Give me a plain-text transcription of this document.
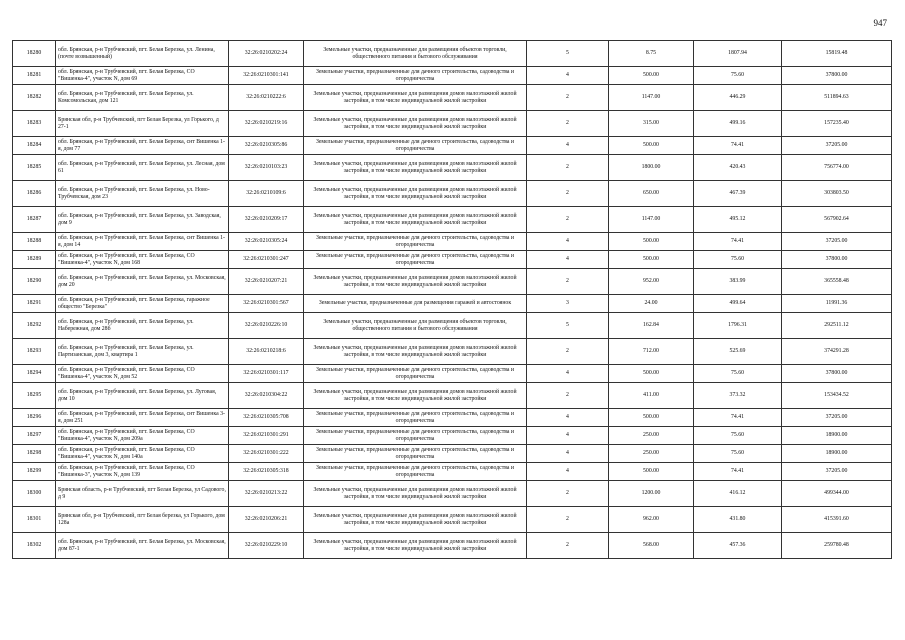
947
18280	обл. Брянская, р-н Трубчевский, пгт. Белая Березка, ул. Ленина, (почте возвышенный)	32:26:0210202:24	Земельные участки, предназначенные для размещения объектов торговли, общественного питания и бытового обслуживания	5	8.75	1807.94	15819.48
18281	обл. Брянская, р-н Трубчевский, пгт. Белая Березка, СО "Вишенка-4", участок N, дом 69	32:26:0210301:141	Земельные участки, предназначенные для дачного строительства, садоводства и огородничества	4	500.00	75.60	37800.00
18282	обл. Брянская, р-н Трубчевский, пгт. Белая Березка, ул. Комсомольская, дом 121	32:26:0210222:6	Земельные участки, предназначенные для размещения домов малоэтажной жилой застройки, в том числе индивидуальной жилой застройки	2	1147.00	446.29	511894.63
18283	Брянская обл, р-н Трубчевский, пгт Белая Березка, ул Горького, д 27-1	32:26:0210219:16	Земельные участки, предназначенные для размещения домов малоэтажной жилой застройки, в том числе индивидуальной жилой застройки	2	315.00	499.16	157235.40
18284	обл. Брянская, р-н Трубчевский, пгт. Белая Березка, снт Вишенка 1-я, дом 77	32:26:0210305:86	Земельные участки, предназначенные для дачного строительства, садоводства и огородничества	4	500.00	74.41	37205.00
18285	обл. Брянская, р-н Трубчевский, пгт. Белая Березка, ул. Лесная, дом 61	32:26:0210103:23	Земельные участки, предназначенные для размещения домов малоэтажной жилой застройки, в том числе индивидуальной жилой застройки	2	1800.00	420.43	756774.00
18286	обл. Брянская, р-н Трубчевский, пгт. Белая Березка, ул. Ново-Трубчевская, дом 23	32:26:0210109:6	Земельные участки, предназначенные для размещения домов малоэтажной жилой застройки, в том числе индивидуальной жилой застройки	2	650.00	467.39	303803.50
18287	обл. Брянская, р-н Трубчевский, пгт. Белая Березка, ул. Заводская, дом 9	32:26:0210209:17	Земельные участки, предназначенные для размещения домов малоэтажной жилой застройки, в том числе индивидуальной жилой застройки	2	1147.00	495.12	567902.64
18288	обл. Брянская, р-н Трубчевский, пгт. Белая Березка, снт Вишенка 1-я, дом 14	32:26:0210305:24	Земельные участки, предназначенные для дачного строительства, садоводства и огородничества	4	500.00	74.41	37205.00
18289	обл. Брянская, р-н Трубчевский, пгт. Белая Березка, СО "Вишенка-4", участок N, дом 168	32:26:0210301:247	Земельные участки, предназначенные для дачного строительства, садоводства и огородничества	4	500.00	75.60	37800.00
18290	обл. Брянская, р-н Трубчевский, пгт. Белая Березка, ул. Московская, дом 20	32:26:0210207:21	Земельные участки, предназначенные для размещения домов малоэтажной жилой застройки, в том числе индивидуальной жилой застройки	2	952.00	383.99	365558.48
18291	обл. Брянская, р-н Трубчевский, пгт. Белая Березка, гаражное общество "Березка"	32:26:0210301:567	Земельные участки, предназначенные для размещения гаражей и автостоянок	3	24.00	499.64	11991.36
18292	обл. Брянская, р-н Трубчевский, пгт. Белая Березка, ул. Набережная, дом 28б	32:26:0210226:10	Земельные участки, предназначенные для размещения объектов торговли, общественного питания и бытового обслуживания	5	162.84	1796.31	292511.12
18293	обл. Брянская, р-н Трубчевский, пгт. Белая Березка, ул. Партизанская, дом 3, квартира 1	32:26:0210218:6	Земельные участки, предназначенные для размещения домов малоэтажной жилой застройки, в том числе индивидуальной жилой застройки	2	712.00	525.69	374291.28
18294	обл. Брянская, р-н Трубчевский, пгт. Белая Березка, СО "Вишенка-4", участок N, дом 52	32:26:0210301:117	Земельные участки, предназначенные для дачного строительства, садоводства и огородничества	4	500.00	75.60	37800.00
18295	обл. Брянская, р-н Трубчевский, пгт. Белая Березка, ул. Луговая, дом 10	32:26:0210304:22	Земельные участки, предназначенные для размещения домов малоэтажной жилой застройки, в том числе индивидуальной жилой застройки	2	411.00	373.32	153434.52
18296	обл. Брянская, р-н Трубчевский, пгт. Белая Березка, снт Вишенка 3-я, дом 251	32:26:0210305:708	Земельные участки, предназначенные для дачного строительства, садоводства и огородничества	4	500.00	74.41	37205.00
18297	обл. Брянская, р-н Трубчевский, пгт. Белая Березка, СО "Вишенка-4", участок N, дом 209а	32:26:0210301:291	Земельные участки, предназначенные для дачного строительства, садоводства и огородничества	4	250.00	75.60	18900.00
18298	обл. Брянская, р-н Трубчевский, пгт. Белая Березка, СО "Вишенка-4", участок N, дом 140а	32:26:0210301:222	Земельные участки, предназначенные для дачного строительства, садоводства и огородничества	4	250.00	75.60	18900.00
18299	обл. Брянская, р-н Трубчевский, пгт. Белая Березка, СО "Вишенка-3", участок N, дом 139	32:26:0210305:318	Земельные участки, предназначенные для дачного строительства, садоводства и огородничества	4	500.00	74.41	37205.00
18300	Брянская область, р-н Трубчевский, пгт Белая Березка, ул Садового, д 9	32:26:0210213:22	Земельные участки, предназначенные для размещения домов малоэтажной жилой застройки, в том числе индивидуальной жилой застройки	2	1200.00	416.12	499344.00
18301	Брянская обл, р-н Трубчевский, пгт Белая березка, ул Горького, дом 128а	32:26:0210206:21	Земельные участки, предназначенные для размещения домов малоэтажной жилой застройки, в том числе индивидуальной жилой застройки	2	962.00	431.80	415391.60
18302	обл. Брянская, р-н Трубчевский, пгт. Белая Березка, ул. Московская, дом 87-1	32:26:0210229:10	Земельные участки, предназначенные для размещения домов малоэтажной жилой застройки, в том числе индивидуальной жилой застройки	2	568.00	457.36	259780.48
